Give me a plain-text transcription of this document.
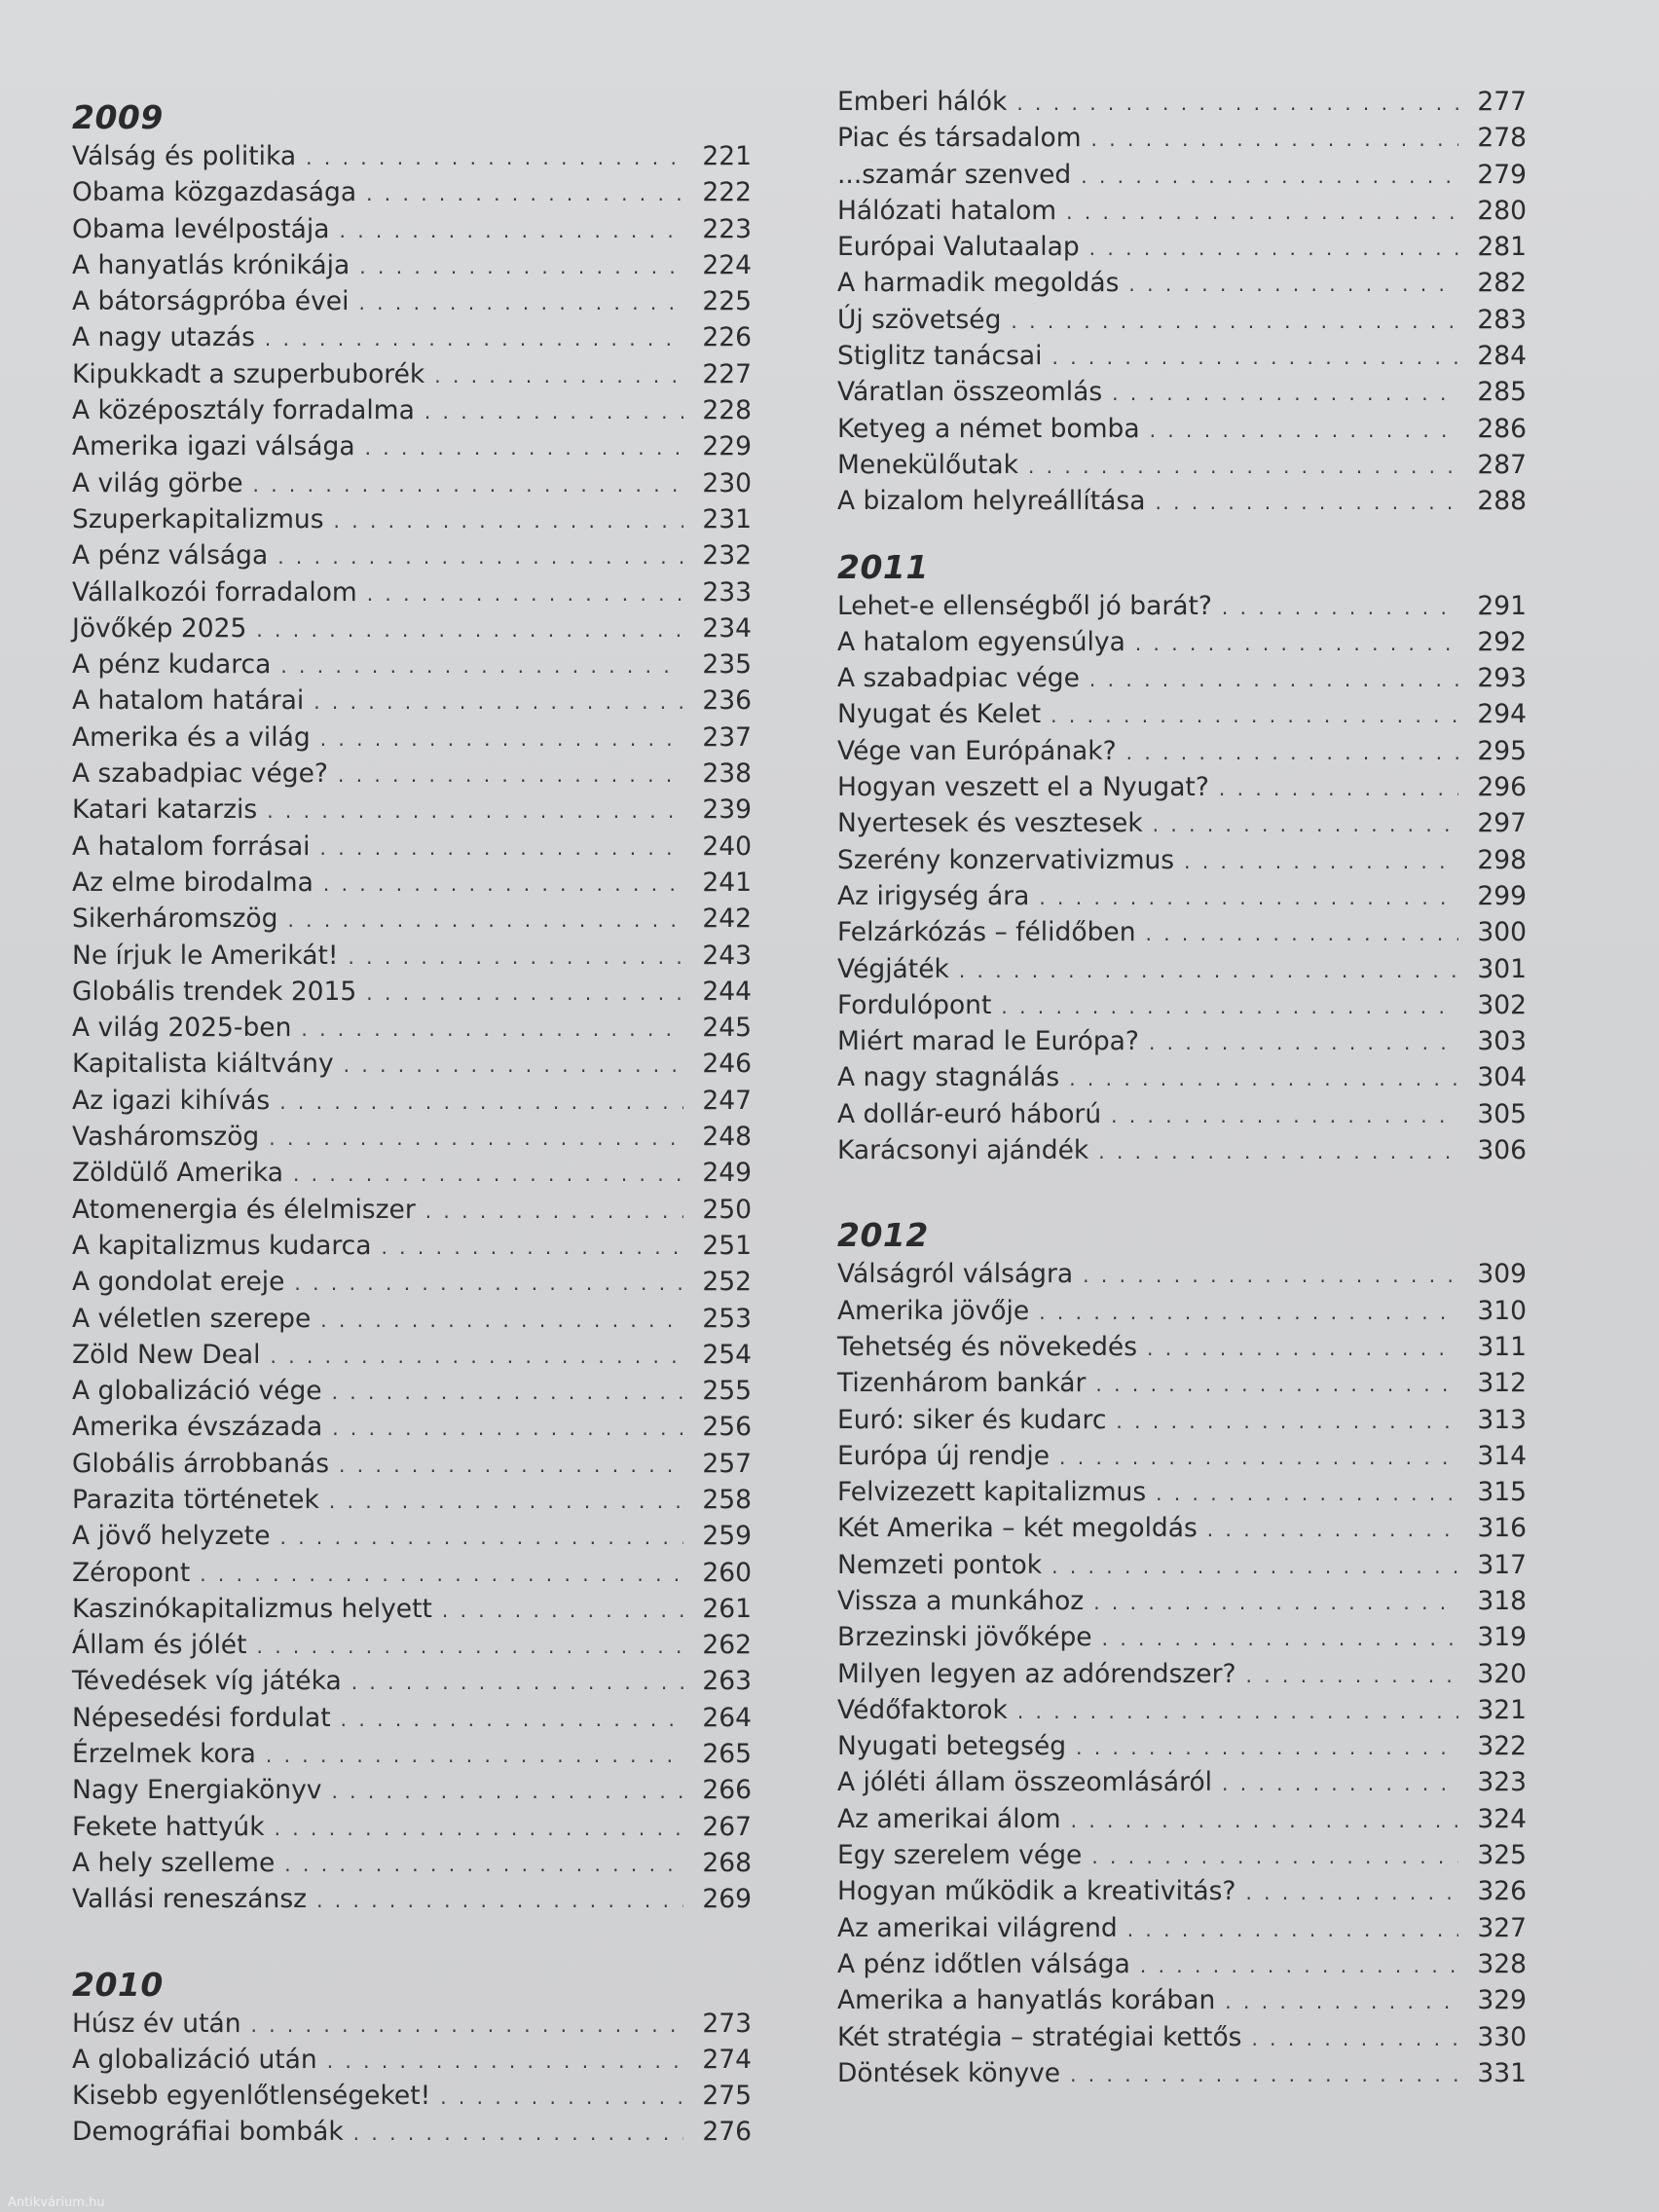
2009
Válság és politika . . .	221
Obama közgazdasága . . .	222
Obama levélpostája . . .	223
A hanyatlás krónikája . . .	224
A bátorságpróba évei . . .	225
A nagy utazás . . .	226
Kipukkadt a szuperbuborék . . .	227
A középosztály forradalma . . .	228
Amerika igazi válsága . . .	229
A világ görbe . . .	230
Szuperkapitalizmus . . .	231
A pénz válsága . . .	232
Vállalkozói forradalom . . .	233
Jövőkép 2025 . . .	234
A pénz kudarca . . .	235
A hatalom határai . . .	236
Amerika és a világ . . .	237
A szabadpiac vége? . . .	238
Katari katarzis . . .	239
A hatalom forrásai . . .	240
Az elme birodalma . . .	241
Sikerháromszög . . .	242
Ne írjuk le Amerikát! . . .	243
Globális trendek 2015 . . .	244
A világ 2025-ben . . .	245
Kapitalista kiáltvány . . .	246
Az igazi kihívás . . .	247
Vasháromszög . . .	248
Zöldülő Amerika . . .	249
Atomenergia és élelmiszer . . .	250
A kapitalizmus kudarca . . .	251
A gondolat ereje . . .	252
A véletlen szerepe . . .	253
Zöld New Deal . . .	254
A globalizáció vége . . .	255
Amerika évszázada . . .	256
Globális árrobbanás . . .	257
Parazita történetek . . .	258
A jövő helyzete . . .	259
Zéropont . . .	260
Kaszinókapitalizmus helyett . . .	261
Állam és jólét . . .	262
Tévedések víg játéka . . .	263
Népesedési fordulat . . .	264
Érzelmek kora . . .	265
Nagy Energiakönyv . . .	266
Fekete hattyúk . . .	267
A hely szelleme . . .	268
Vallási reneszánsz . . .	269
2010
Húsz év után . . .	273
A globalizáció után . . .	274
Kisebb egyenlőtlenségeket! . . .	275
Demográfiai bombák . . .	276
Emberi hálók . . .	277
Piac és társadalom . . .	278
...szamár szenved . . .	279
Hálózati hatalom . . .	280
Európai Valutaalap . . .	281
A harmadik megoldás . . .	282
Új szövetség . . .	283
Stiglitz tanácsai . . .	284
Váratlan összeomlás . . .	285
Ketyeg a német bomba . . .	286
Menekülőutak . . .	287
A bizalom helyreállítása . . .	288
2011
Lehet-e ellenségből jó barát? . . .	291
A hatalom egyensúlya . . .	292
A szabadpiac vége . . .	293
Nyugat és Kelet . . .	294
Vége van Európának? . . .	295
Hogyan veszett el a Nyugat? . . .	296
Nyertesek és vesztesek . . .	297
Szerény konzervativizmus . . .	298
Az irigység ára . . .	299
Felzárkózás – félidőben . . .	300
Végjáték . . .	301
Fordulópont . . .	302
Miért marad le Európa? . . .	303
A nagy stagnálás . . .	304
A dollár-euró háború . . .	305
Karácsonyi ajándék . . .	306
2012
Válságról válságra . . .	309
Amerika jövője . . .	310
Tehetség és növekedés . . .	311
Tizenhárom bankár . . .	312
Euró: siker és kudarc . . .	313
Európa új rendje . . .	314
Felvizezett kapitalizmus . . .	315
Két Amerika – két megoldás . . .	316
Nemzeti pontok . . .	317
Vissza a munkához . . .	318
Brzezinski jövőképe . . .	319
Milyen legyen az adórendszer? . . .	320
Védőfaktorok . . .	321
Nyugati betegség . . .	322
A jóléti állam összeomlásáról . . .	323
Az amerikai álom . . .	324
Egy szerelem vége . . .	325
Hogyan működik a kreativitás? . . .	326
Az amerikai világrend . . .	327
A pénz időtlen válsága . . .	328
Amerika a hanyatlás korában . . .	329
Két stratégia – stratégiai kettős . . .	330
Döntések könyve . . .	331
Antikvárium.hu
